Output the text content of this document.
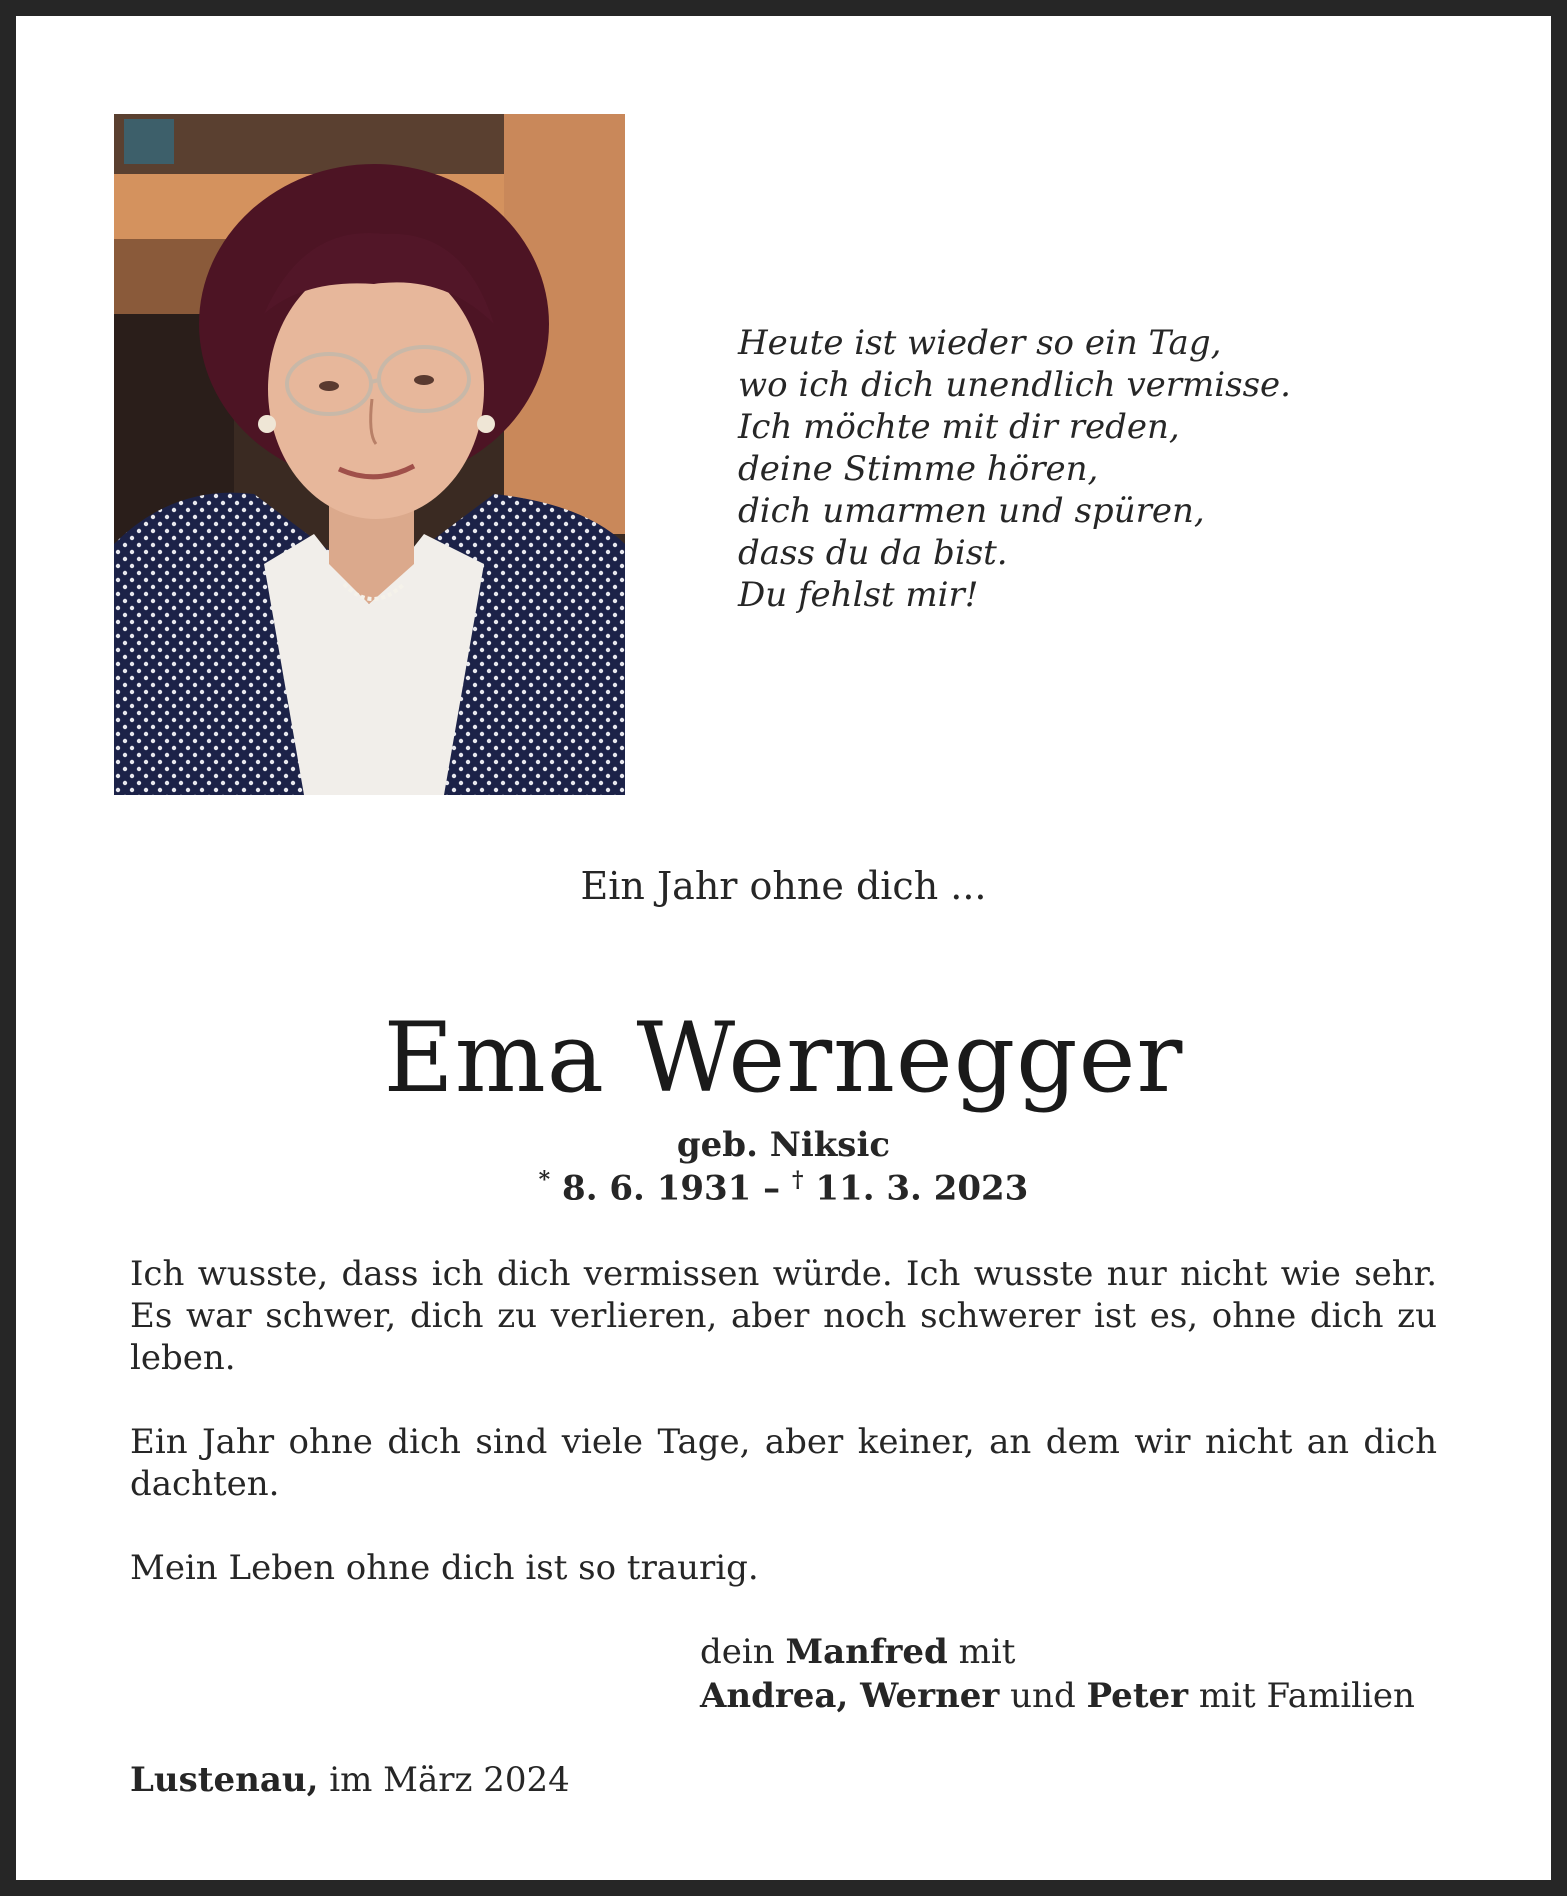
Heute ist wieder so ein Tag,
wo ich dich unendlich vermisse.
Ich möchte mit dir reden,
deine Stimme hören,
dich umarmen und spüren,
dass du da bist.
Du fehlst mir!
Ein Jahr ohne dich ...
Ema Wernegger
geb. Niksic
* 8. 6. 1931 – † 11. 3. 2023

Ich wusste, dass ich dich vermissen würde. Ich wusste nur nicht wie sehr. Es war schwer, dich zu verlieren, aber noch schwerer ist es, ohne dich zu leben.

Ein Jahr ohne dich sind viele Tage, aber keiner, an dem wir nicht an dich dachten.

Mein Leben ohne dich ist so traurig.

dein Manfred mit
Andrea, Werner und Peter mit Familien
Lustenau, im März 2024
